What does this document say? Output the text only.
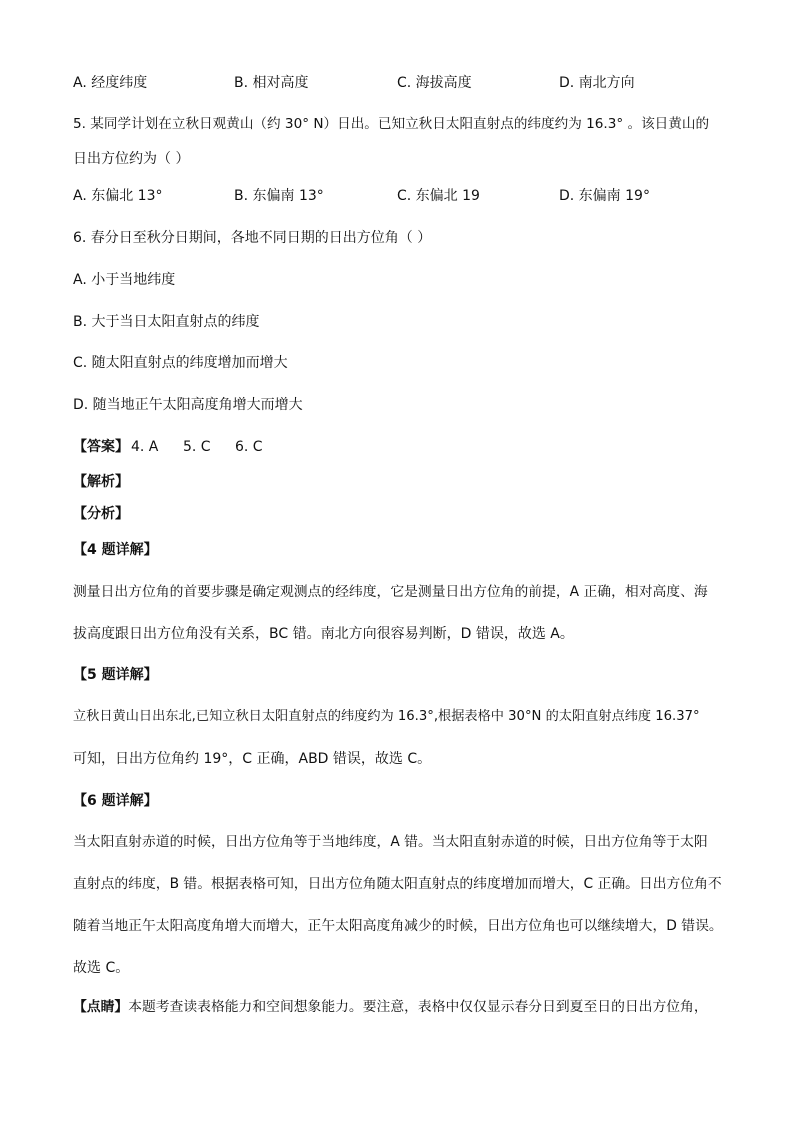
A. 经度纬度	B. 相对高度	C. 海拔高度	D. 南北方向
5. 某同学计划在立秋日观黄山（约 30° N）日出。已知立秋日太阳直射点的纬度约为 16.3° 。该日黄山的
日出方位约为（ ）
A. 东偏北 13°	B. 东偏南 13°	C. 东偏北 19	D. 东偏南 19°
6. 春分日至秋分日期间，各地不同日期的日出方位角（ ）
A. 小于当地纬度
B. 大于当日太阳直射点的纬度
C. 随太阳直射点的纬度增加而增大
D. 随当地正午太阳高度角增大而增大
【答案】 4. A 5. C 6. C
【解析】
【分析】
【4 题详解】
测量日出方位角的首要步骤是确定观测点的经纬度，它是测量日出方位角的前提，A 正确，相对高度、海
拔高度跟日出方位角没有关系，BC 错。南北方向很容易判断，D 错误，故选 A。
【5 题详解】
立秋日黄山日出东北,已知立秋日太阳直射点的纬度约为 16.3°,根据表格中 30°N 的太阳直射点纬度 16.37°
可知，日出方位角约 19°，C 正确，ABD 错误，故选 C。
【6 题详解】
当太阳直射赤道的时候，日出方位角等于当地纬度，A 错。当太阳直射赤道的时候，日出方位角等于太阳
直射点的纬度，B 错。根据表格可知，日出方位角随太阳直射点的纬度增加而增大，C 正确。日出方位角不
随着当地正午太阳高度角增大而增大，正午太阳高度角减少的时候，日出方位角也可以继续增大，D 错误。
故选 C。
【点睛】本题考查读表格能力和空间想象能力。要注意，表格中仅仅显示春分日到夏至日的日出方位角，
